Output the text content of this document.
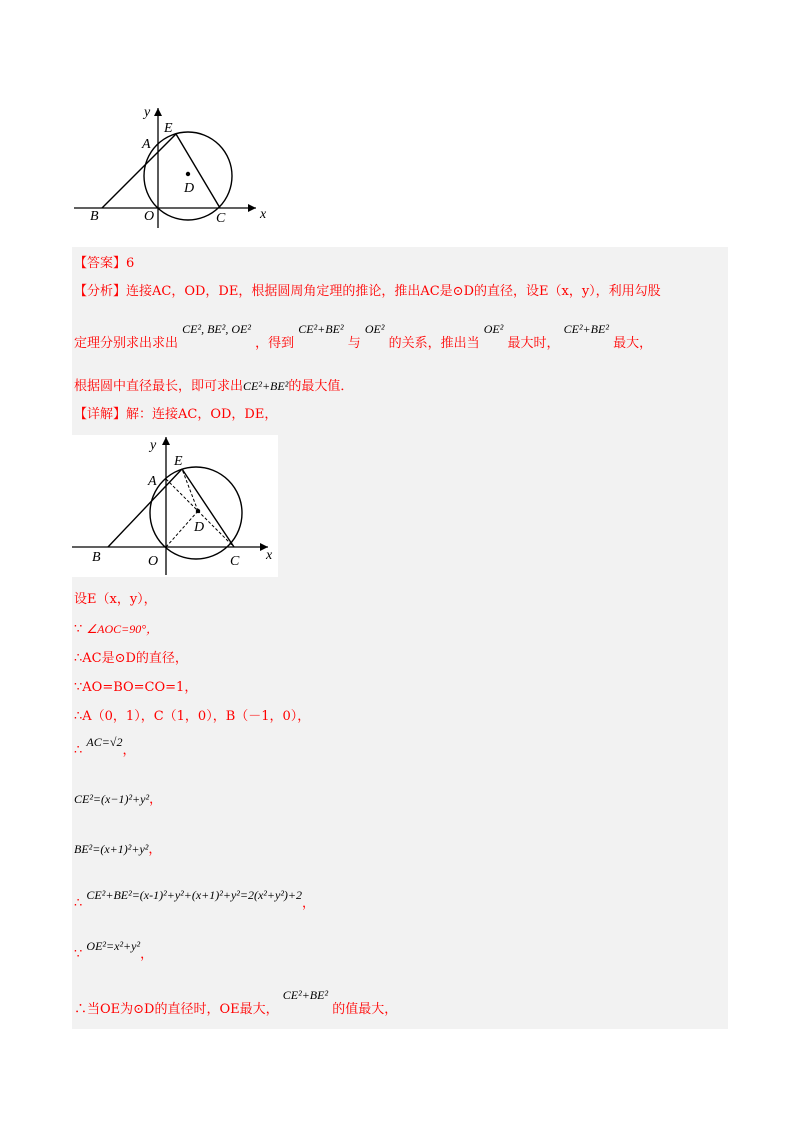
y
x
A
E
D
B	O	C
【答案】6
【分析】连接AC，OD，DE，根据圆周角定理的推论，推出AC是⊙D的直径，设E（x，y），利用勾股
定理分别求出求出 CE², BE², OE² ，得到 CE²+BE² 与 OE² 的关系，推出当 OE² 最大时， CE²+BE² 最大，
根据圆中直径最长，即可求出CE²+BE²的最大值．
【详解】解：连接AC，OD，DE，
y
x
A
E
D
B	O	C
设E（x，y），
∵ ∠AOC=90°，
∴AC是⊙D的直径，
∵AO=BO=CO=1，
∴A（0，1），C（1，0），B（－1，0），
∴ AC=√2，
CE²=(x−1)²+y²，
BE²=(x+1)²+y²，
∴ CE²+BE²=(x-1)²+y²+(x+1)²+y²=2(x²+y²)+2，
∵ OE²=x²+y²，
∴当OE为⊙D的直径时，OE最大， CE²+BE² 的值最大，
